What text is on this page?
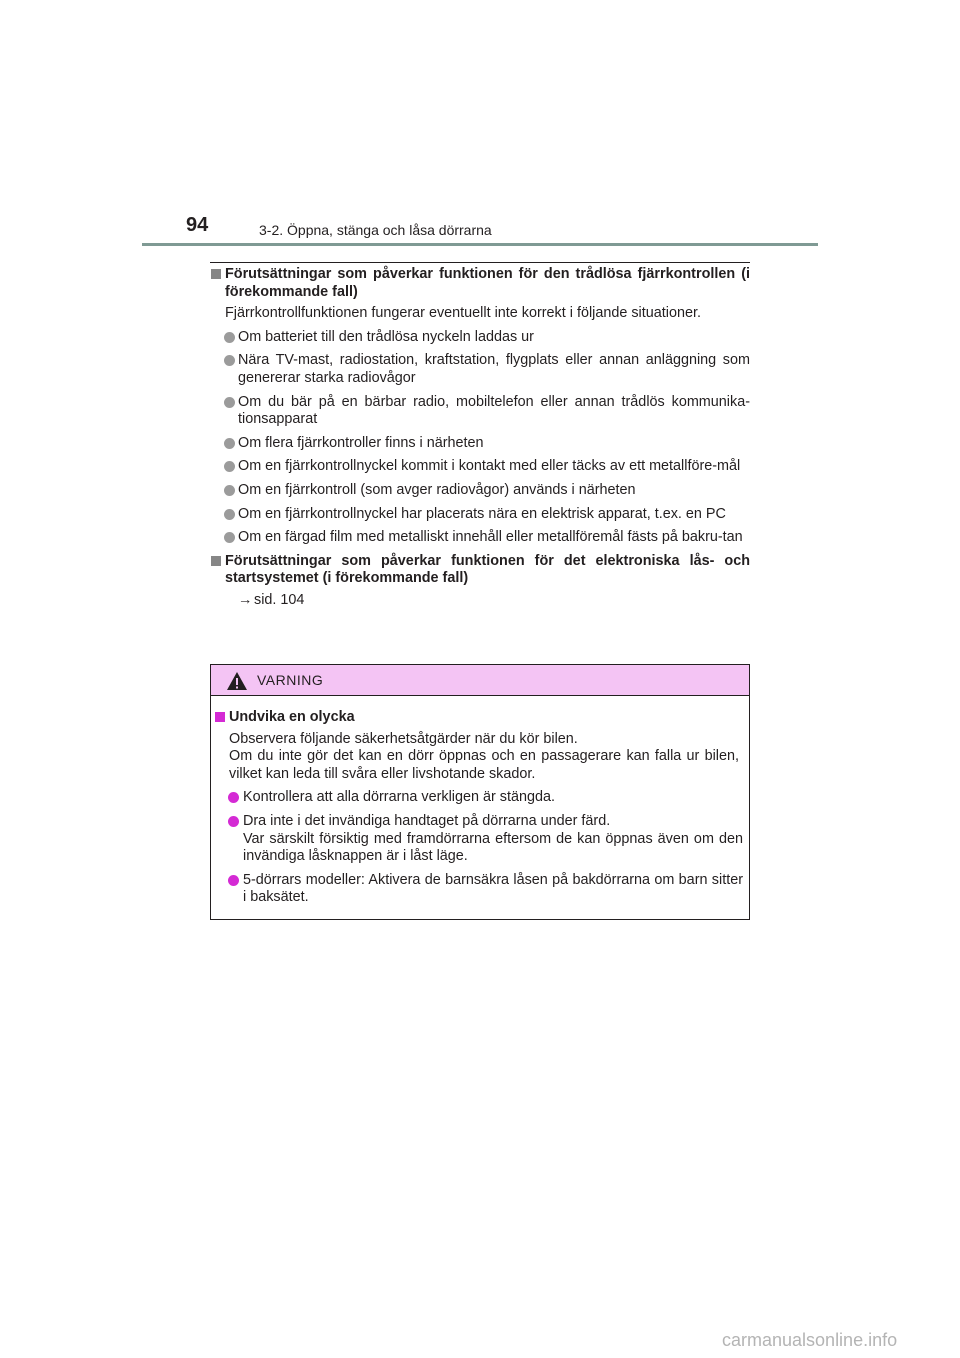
94	3-2. Öppna, stänga och låsa dörrarna

Förutsättningar som påverkar funktionen för den trådlösa fjärrkontrollen (i förekommande fall)

Fjärrkontrollfunktionen fungerar eventuellt inte korrekt i följande situationer.

Om batteriet till den trådlösa nyckeln laddas ur

Nära TV-mast, radiostation, kraftstation, flygplats eller annan anläggning som genererar starka radiovågor

Om du bär på en bärbar radio, mobiltelefon eller annan trådlös kommunika-tionsapparat

Om flera fjärrkontroller finns i närheten

Om en fjärrkontrollnyckel kommit i kontakt med eller täcks av ett metallföre-mål

Om en fjärrkontroll (som avger radiovågor) används i närheten

Om en fjärrkontrollnyckel har placerats nära en elektrisk apparat, t.ex. en PC

Om en färgad film med metalliskt innehåll eller metallföremål fästs på bakru-tan

Förutsättningar som påverkar funktionen för det elektroniska lås- och startsystemet (i förekommande fall)

→ sid. 104

VARNING

Undvika en olycka

Observera följande säkerhetsåtgärder när du kör bilen.

Om du inte gör det kan en dörr öppnas och en passagerare kan falla ur bilen, vilket kan leda till svåra eller livshotande skador.

Kontrollera att alla dörrarna verkligen är stängda.

Dra inte i det invändiga handtaget på dörrarna under färd.
Var särskilt försiktig med framdörrarna eftersom de kan öppnas även om den invändiga låsknappen är i låst läge.

5-dörrars modeller: Aktivera de barnsäkra låsen på bakdörrarna om barn sitter i baksätet.

carmanualsonline.info
